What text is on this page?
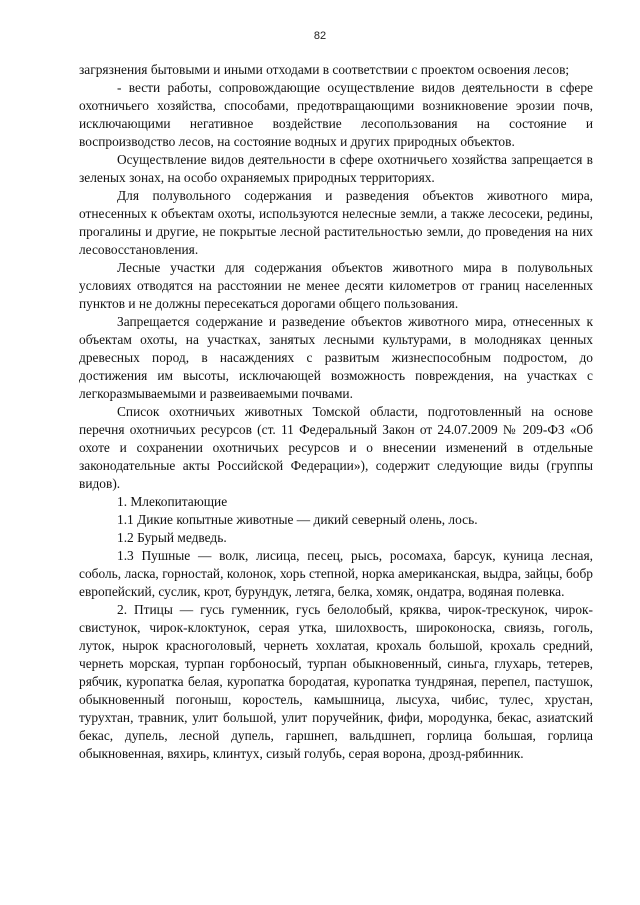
82

загрязнения бытовыми и иными отходами в соответствии с проектом освоения лесов;

- вести работы, сопровождающие осуществление видов деятельности в сфере охотничьего хозяйства, способами, предотвращающими возникновение эрозии почв, исключающими негативное воздействие лесопользования на состояние и воспроизводство лесов, на состояние водных и других природных объектов.

Осуществление видов деятельности в сфере охотничьего хозяйства запрещается в зеленых зонах, на особо охраняемых природных территориях.

Для полувольного содержания и разведения объектов животного мира, отнесенных к объектам охоты, используются нелесные земли, а также лесосеки, редины, прогалины и другие, не покрытые лесной растительностью земли, до проведения на них лесовосстановления.

Лесные участки для содержания объектов животного мира в полувольных условиях отводятся на расстоянии не менее десяти километров от границ населенных пунктов и не должны пересекаться дорогами общего пользования.

Запрещается содержание и разведение объектов животного мира, отнесенных к объектам охоты, на участках, занятых лесными культурами, в молодняках ценных древесных пород, в насаждениях с развитым жизнеспособным подростом, до достижения им высоты, исключающей возможность повреждения, на участках с легкоразмываемыми и развеиваемыми почвами.

Список охотничьих животных Томской области, подготовленный на основе перечня охотничьих ресурсов (ст. 11 Федеральный Закон от 24.07.2009 № 209-ФЗ «Об охоте и сохранении охотничьих ресурсов и о внесении изменений в отдельные законодательные акты Российской Федерации»), содержит следующие виды (группы видов).

1. Млекопитающие

1.1 Дикие копытные животные — дикий северный олень, лось.

1.2 Бурый медведь.

1.3 Пушные — волк, лисица, песец, рысь, росомаха, барсук, куница лесная, соболь, ласка, горностай, колонок, хорь степной, норка американская, выдра, зайцы, бобр европейский, суслик, крот, бурундук, летяга, белка, хомяк, ондатра, водяная полевка.

2. Птицы — гусь гуменник, гусь белолобый, кряква, чирок-трескунок, чирок-свистунок, чирок-клоктунок, серая утка, шилохвость, широконоска, свиязь, гоголь, луток, нырок красноголовый, чернеть хохлатая, крохаль большой, крохаль средний, чернеть морская, турпан горбоносый, турпан обыкновенный, синьга, глухарь, тетерев, рябчик, куропатка белая, куропатка бородатая, куропатка тундряная, перепел, пастушок, обыкновенный погоныш, коростель, камышница, лысуха, чибис, тулес, хрустан, турухтан, травник, улит большой, улит поручейник, фифи, мородунка, бекас, азиатский бекас, дупель, лесной дупель, гаршнеп, вальдшнеп, горлица большая, горлица обыкновенная, вяхирь, клинтух, сизый голубь, серая ворона, дрозд-рябинник.
